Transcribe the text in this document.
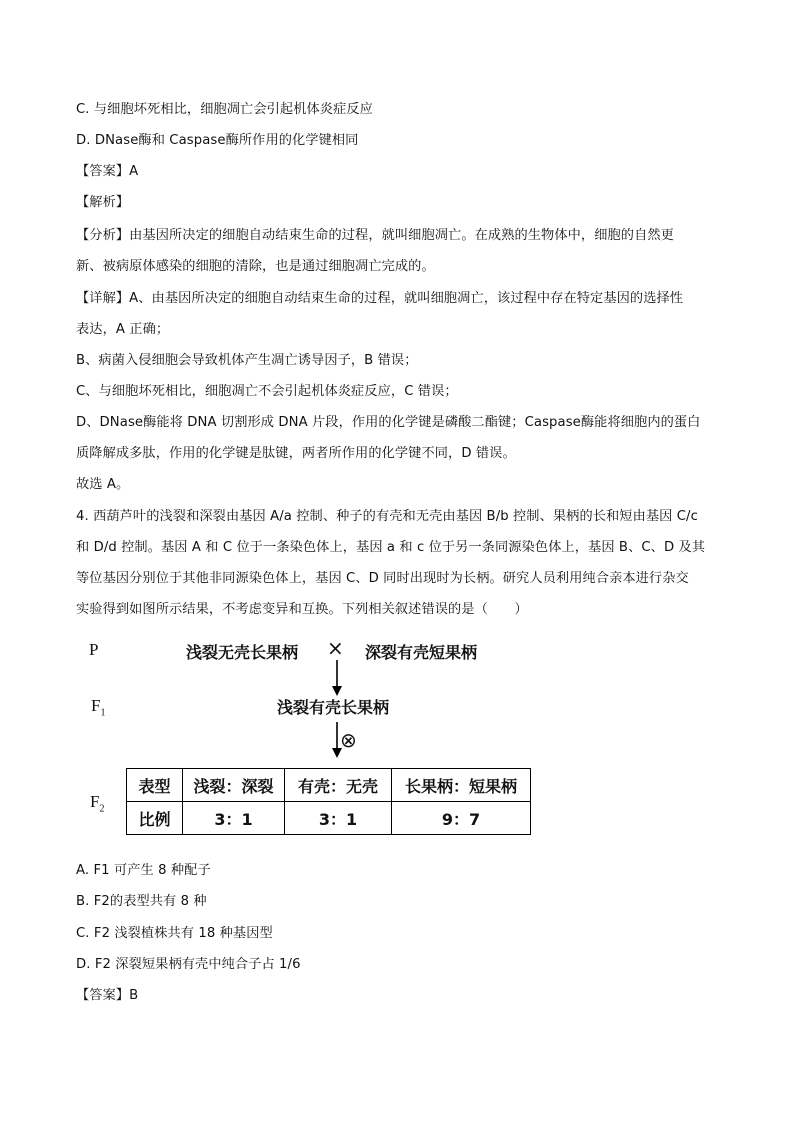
C. 与细胞坏死相比，细胞凋亡会引起机体炎症反应
D. DNase酶和 Caspase酶所作用的化学键相同
【答案】A
【解析】
【分析】由基因所决定的细胞自动结束生命的过程，就叫细胞凋亡。在成熟的生物体中，细胞的自然更
新、被病原体感染的细胞的清除，也是通过细胞凋亡完成的。
【详解】A、由基因所决定的细胞自动结束生命的过程，就叫细胞凋亡，该过程中存在特定基因的选择性
表达，A 正确；
B、病菌入侵细胞会导致机体产生凋亡诱导因子，B 错误；
C、与细胞坏死相比，细胞凋亡不会引起机体炎症反应，C 错误；
D、DNase酶能将 DNA 切割形成 DNA 片段，作用的化学键是磷酸二酯键；Caspase酶能将细胞内的蛋白
质降解成多肽，作用的化学键是肽键，两者所作用的化学键不同，D 错误。
故选 A。
4. 西葫芦叶的浅裂和深裂由基因 A/a 控制、种子的有壳和无壳由基因 B/b 控制、果柄的长和短由基因 C/c
和 D/d 控制。基因 A 和 C 位于一条染色体上，基因 a 和 c 位于另一条同源染色体上，基因 B、C、D 及其
等位基因分别位于其他非同源染色体上，基因 C、D 同时出现时为长柄。研究人员利用纯合亲本进行杂交
实验得到如图所示结果，不考虑变异和互换。下列相关叙述错误的是（　　）
P	浅裂无壳长果柄 × 深裂有壳短果柄
$F_1$	浅裂有壳长果柄
⊗
$F_2$
表型	浅裂：深裂	有壳：无壳	长果柄：短果柄
比例	3：1	3：1	9：7
A. F1 可产生 8 种配子
B. F2的表型共有 8 种
C. F2 浅裂植株共有 18 种基因型
D. F2 深裂短果柄有壳中纯合子占 1/6
【答案】B
